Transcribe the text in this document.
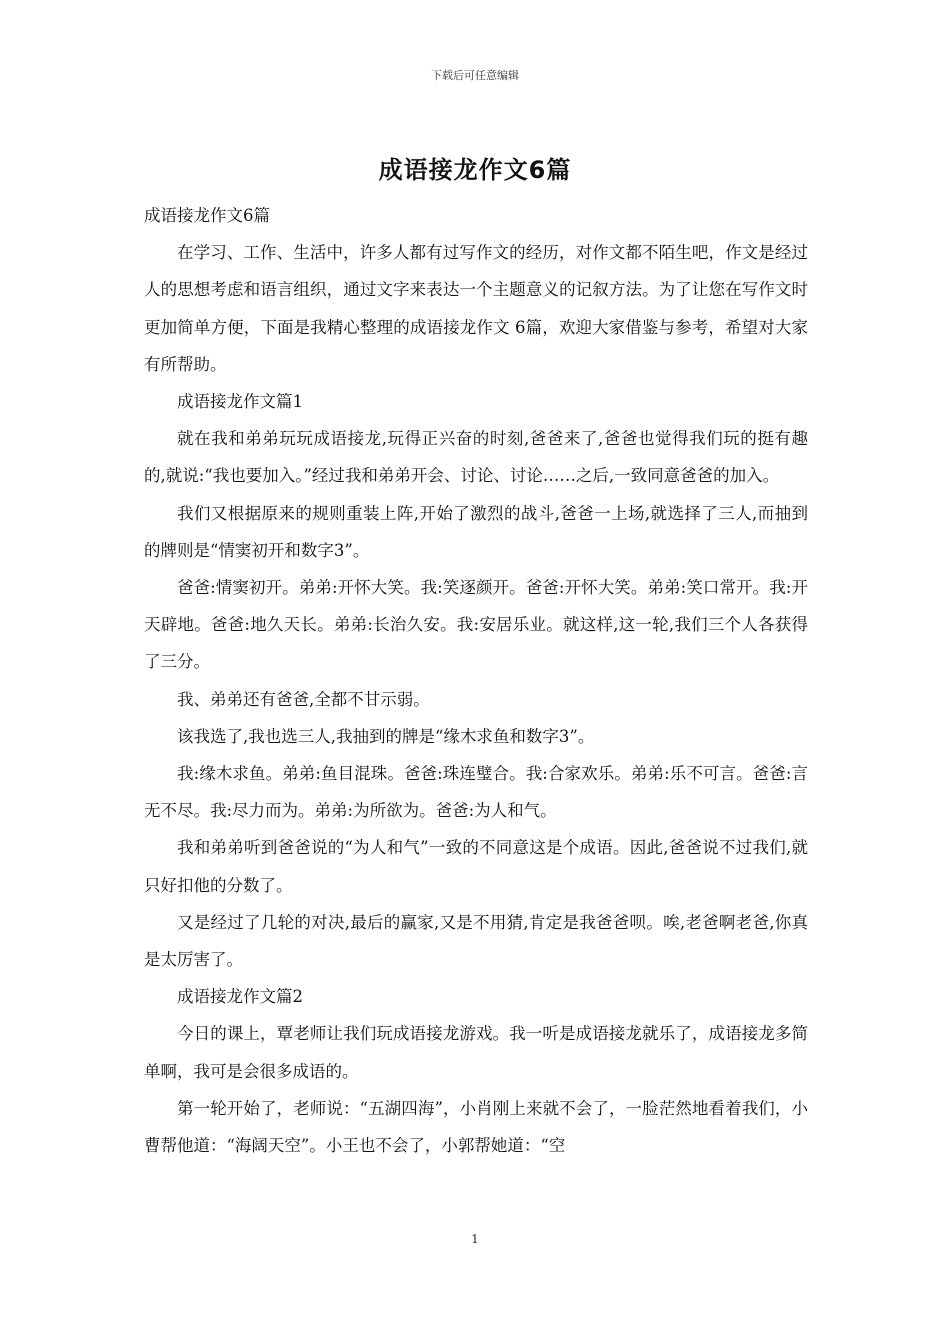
下载后可任意编辑
成语接龙作文6篇

成语接龙作文6篇

在学习、工作、生活中，许多人都有过写作文的经历，对作文都不陌生吧，作文是经过人的思想考虑和语言组织，通过文字来表达一个主题意义的记叙方法。为了让您在写作文时更加简单方便，下面是我精心整理的成语接龙作文 6篇，欢迎大家借鉴与参考，希望对大家有所帮助。

成语接龙作文篇1

就在我和弟弟玩玩成语接龙,玩得正兴奋的时刻,爸爸来了,爸爸也觉得我们玩的挺有趣的,就说:“我也要加入。”经过我和弟弟开会、讨论、讨论……之后,一致同意爸爸的加入。

我们又根据原来的规则重装上阵,开始了激烈的战斗,爸爸一上场,就选择了三人,而抽到的牌则是“情窦初开和数字3”。

爸爸:情窦初开。弟弟:开怀大笑。我:笑逐颜开。爸爸:开怀大笑。弟弟:笑口常开。我:开天辟地。爸爸:地久天长。弟弟:长治久安。我:安居乐业。就这样,这一轮,我们三个人各获得了三分。

我、弟弟还有爸爸,全都不甘示弱。

该我选了,我也选三人,我抽到的牌是“缘木求鱼和数字3”。

我:缘木求鱼。弟弟:鱼目混珠。爸爸:珠连璧合。我:合家欢乐。弟弟:乐不可言。爸爸:言无不尽。我:尽力而为。弟弟:为所欲为。爸爸:为人和气。

我和弟弟听到爸爸说的“为人和气”一致的不同意这是个成语。因此,爸爸说不过我们,就只好扣他的分数了。

又是经过了几轮的对决,最后的赢家,又是不用猜,肯定是我爸爸呗。唉,老爸啊老爸,你真是太厉害了。

成语接龙作文篇2

今日的课上，覃老师让我们玩成语接龙游戏。我一听是成语接龙就乐了，成语接龙多简单啊，我可是会很多成语的。

第一轮开始了，老师说：“五湖四海”，小肖刚上来就不会了，一脸茫然地看着我们，小曹帮他道：“海阔天空”。小王也不会了，小郭帮她道：“空

1
